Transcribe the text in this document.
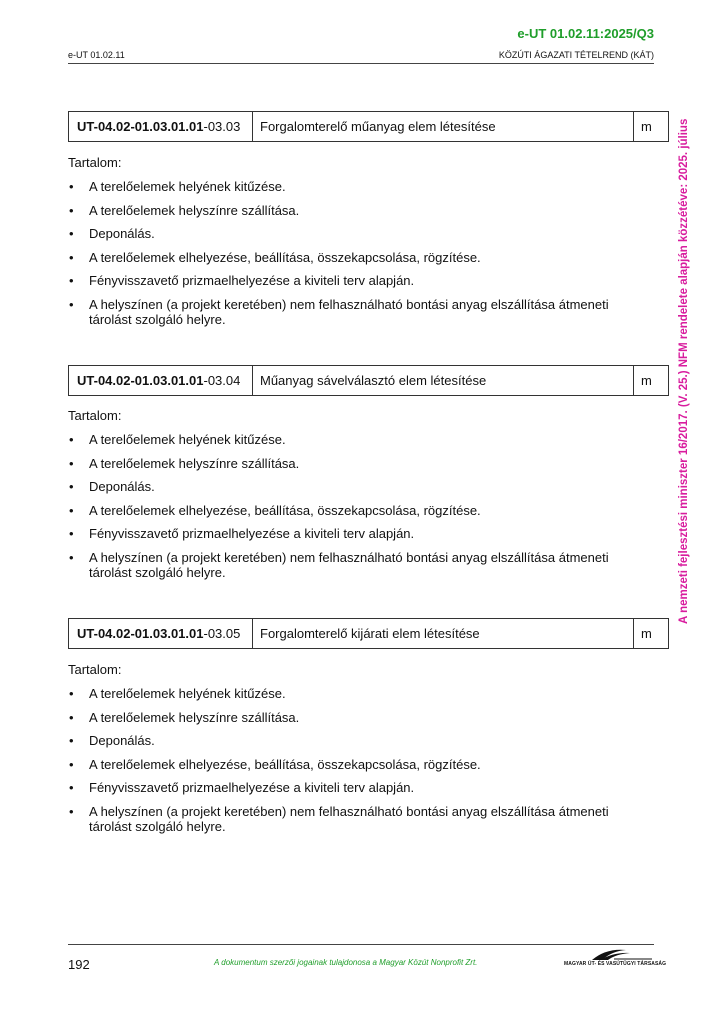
e-UT 01.02.11:2025/Q3
e-UT 01.02.11	KÖZÚTI ÁGAZATI TÉTELREND (KÁT)
A nemzeti fejlesztési miniszter 16/2017. (V. 25.) NFM rendelete alapján közzétéve: 2025. július
UT-04.02-01.03.01.01 -03.03	Forgalomterelő műanyag elem létesítése	m
Tartalom:
• A terelőelemek helyének kitűzése.
• A terelőelemek helyszínre szállítása.
• Deponálás.
• A terelőelemek elhelyezése, beállítása, összekapcsolása, rögzítése.
• Fényvisszavető prizmaelhelyezése a kiviteli terv alapján.
• A helyszínen (a projekt keretében) nem felhasználható bontási anyag elszállítása átmeneti tárolást szolgáló helyre.
UT-04.02-01.03.01.01 -03.04	Műanyag sávelválasztó elem létesítése	m
Tartalom:
• A terelőelemek helyének kitűzése.
• A terelőelemek helyszínre szállítása.
• Deponálás.
• A terelőelemek elhelyezése, beállítása, összekapcsolása, rögzítése.
• Fényvisszavető prizmaelhelyezése a kiviteli terv alapján.
• A helyszínen (a projekt keretében) nem felhasználható bontási anyag elszállítása átmeneti tárolást szolgáló helyre.
UT-04.02-01.03.01.01 -03.05	Forgalomterelő kijárati elem létesítése	m
Tartalom:
• A terelőelemek helyének kitűzése.
• A terelőelemek helyszínre szállítása.
• Deponálás.
• A terelőelemek elhelyezése, beállítása, összekapcsolása, rögzítése.
• Fényvisszavető prizmaelhelyezése a kiviteli terv alapján.
• A helyszínen (a projekt keretében) nem felhasználható bontási anyag elszállítása átmeneti tárolást szolgáló helyre.
192	A dokumentum szerzői jogainak tulajdonosa a Magyar Közút Nonprofit Zrt.	MAGYAR ÚT- ÉS VASÚTÜGYI TÁRSASÁG
